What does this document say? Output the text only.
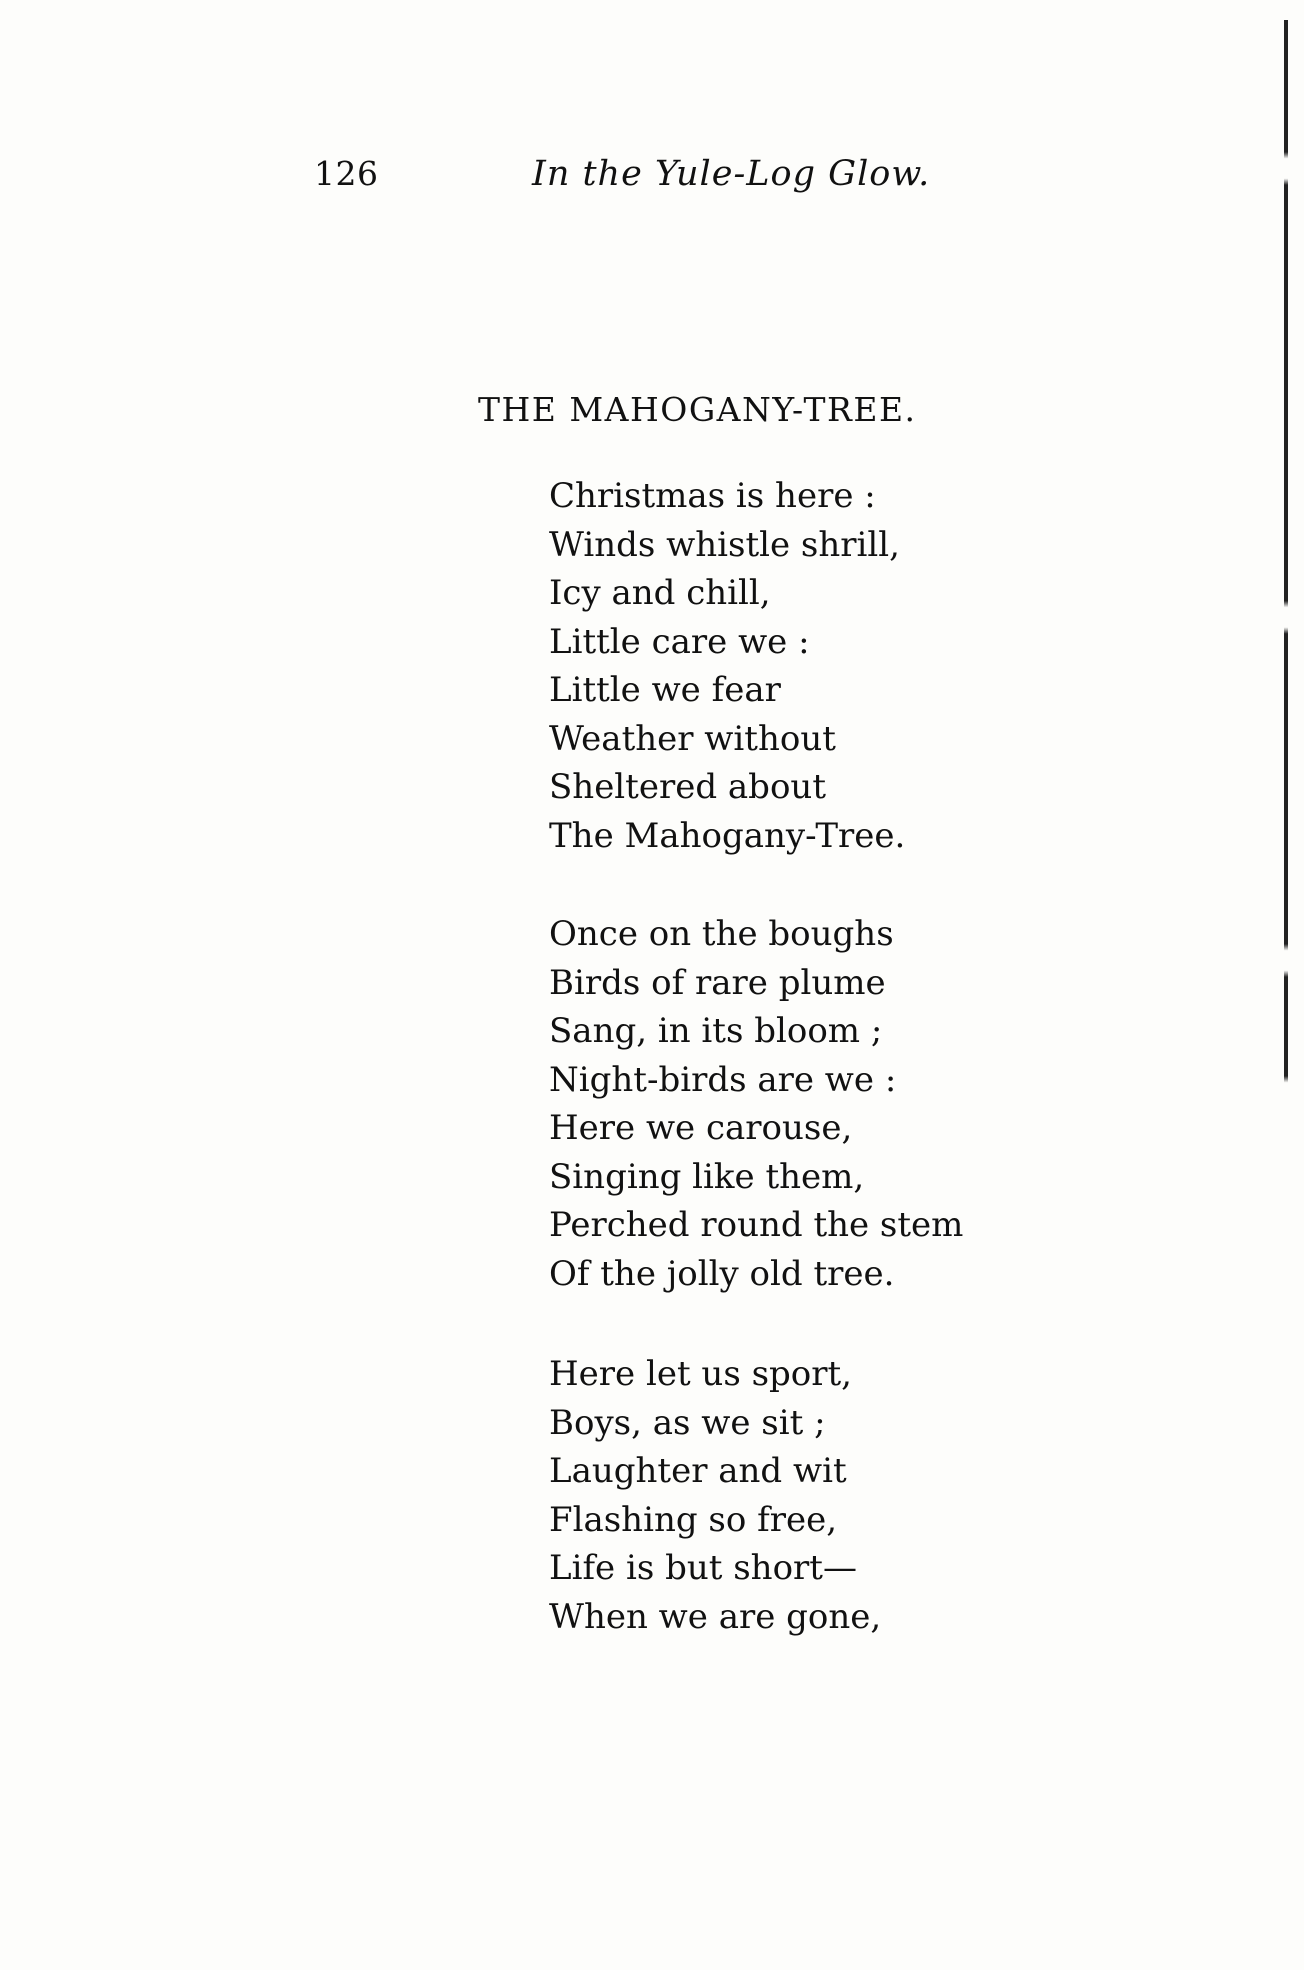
126	In the Yule-Log Glow.
THE MAHOGANY-TREE.
Christmas is here :
Winds whistle shrill,
Icy and chill,
Little care we :
Little we fear
Weather without
Sheltered about
The Mahogany-Tree.
Once on the boughs
Birds of rare plume
Sang, in its bloom ;
Night-birds are we :
Here we carouse,
Singing like them,
Perched round the stem
Of the jolly old tree.
Here let us sport,
Boys, as we sit ;
Laughter and wit
Flashing so free,
Life is but short—
When we are gone,
